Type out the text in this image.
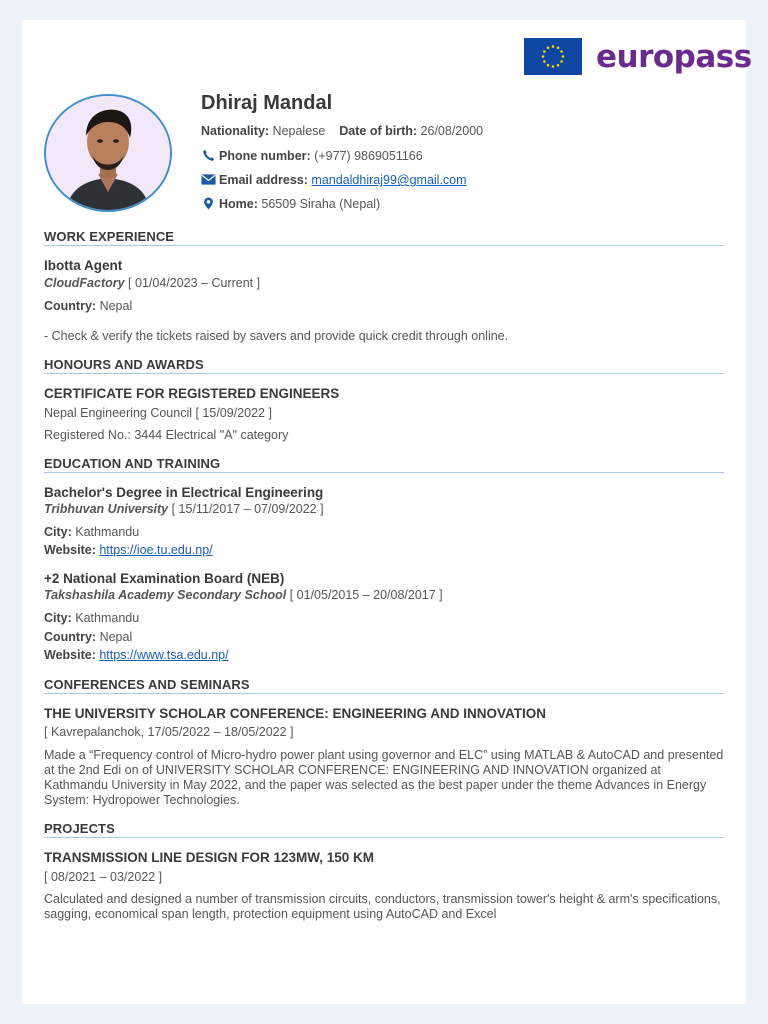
europass
Dhiraj Mandal
Nationality: Nepalese Date of birth: 26/08/2000
Phone number: (+977) 9869051166
Email address: mandaldhiraj99@gmail.com
Home: 56509 Siraha (Nepal)
WORK EXPERIENCE
Ibotta Agent
CloudFactory [ 01/04/2023 – Current ]
Country: Nepal
- Check & verify the tickets raised by savers and provide quick credit through online.
HONOURS AND AWARDS
CERTIFICATE FOR REGISTERED ENGINEERS
Nepal Engineering Council [ 15/09/2022 ]
Registered No.: 3444 Electrical "A" category
EDUCATION AND TRAINING
Bachelor's Degree in Electrical Engineering
Tribhuvan University [ 15/11/2017 – 07/09/2022 ]
City: Kathmandu
Website: https://ioe.tu.edu.np/
+2 National Examination Board (NEB)
Takshashila Academy Secondary School [ 01/05/2015 – 20/08/2017 ]
City: Kathmandu
Country: Nepal
Website: https://www.tsa.edu.np/
CONFERENCES AND SEMINARS
THE UNIVERSITY SCHOLAR CONFERENCE: ENGINEERING AND INNOVATION
[ Kavrepalanchok, 17/05/2022 – 18/05/2022 ]
Made a “Frequency control of Micro-hydro power plant using governor and ELC” using MATLAB & AutoCAD and presented at the 2nd Edi on of UNIVERSITY SCHOLAR CONFERENCE: ENGINEERING AND INNOVATION organized at Kathmandu University in May 2022, and the paper was selected as the best paper under the theme Advances in Energy System: Hydropower Technologies.
PROJECTS
TRANSMISSION LINE DESIGN FOR 123MW, 150 KM
[ 08/2021 – 03/2022 ]
Calculated and designed a number of transmission circuits, conductors, transmission tower's height & arm's specifications, sagging, economical span length, protection equipment using AutoCAD and Excel
